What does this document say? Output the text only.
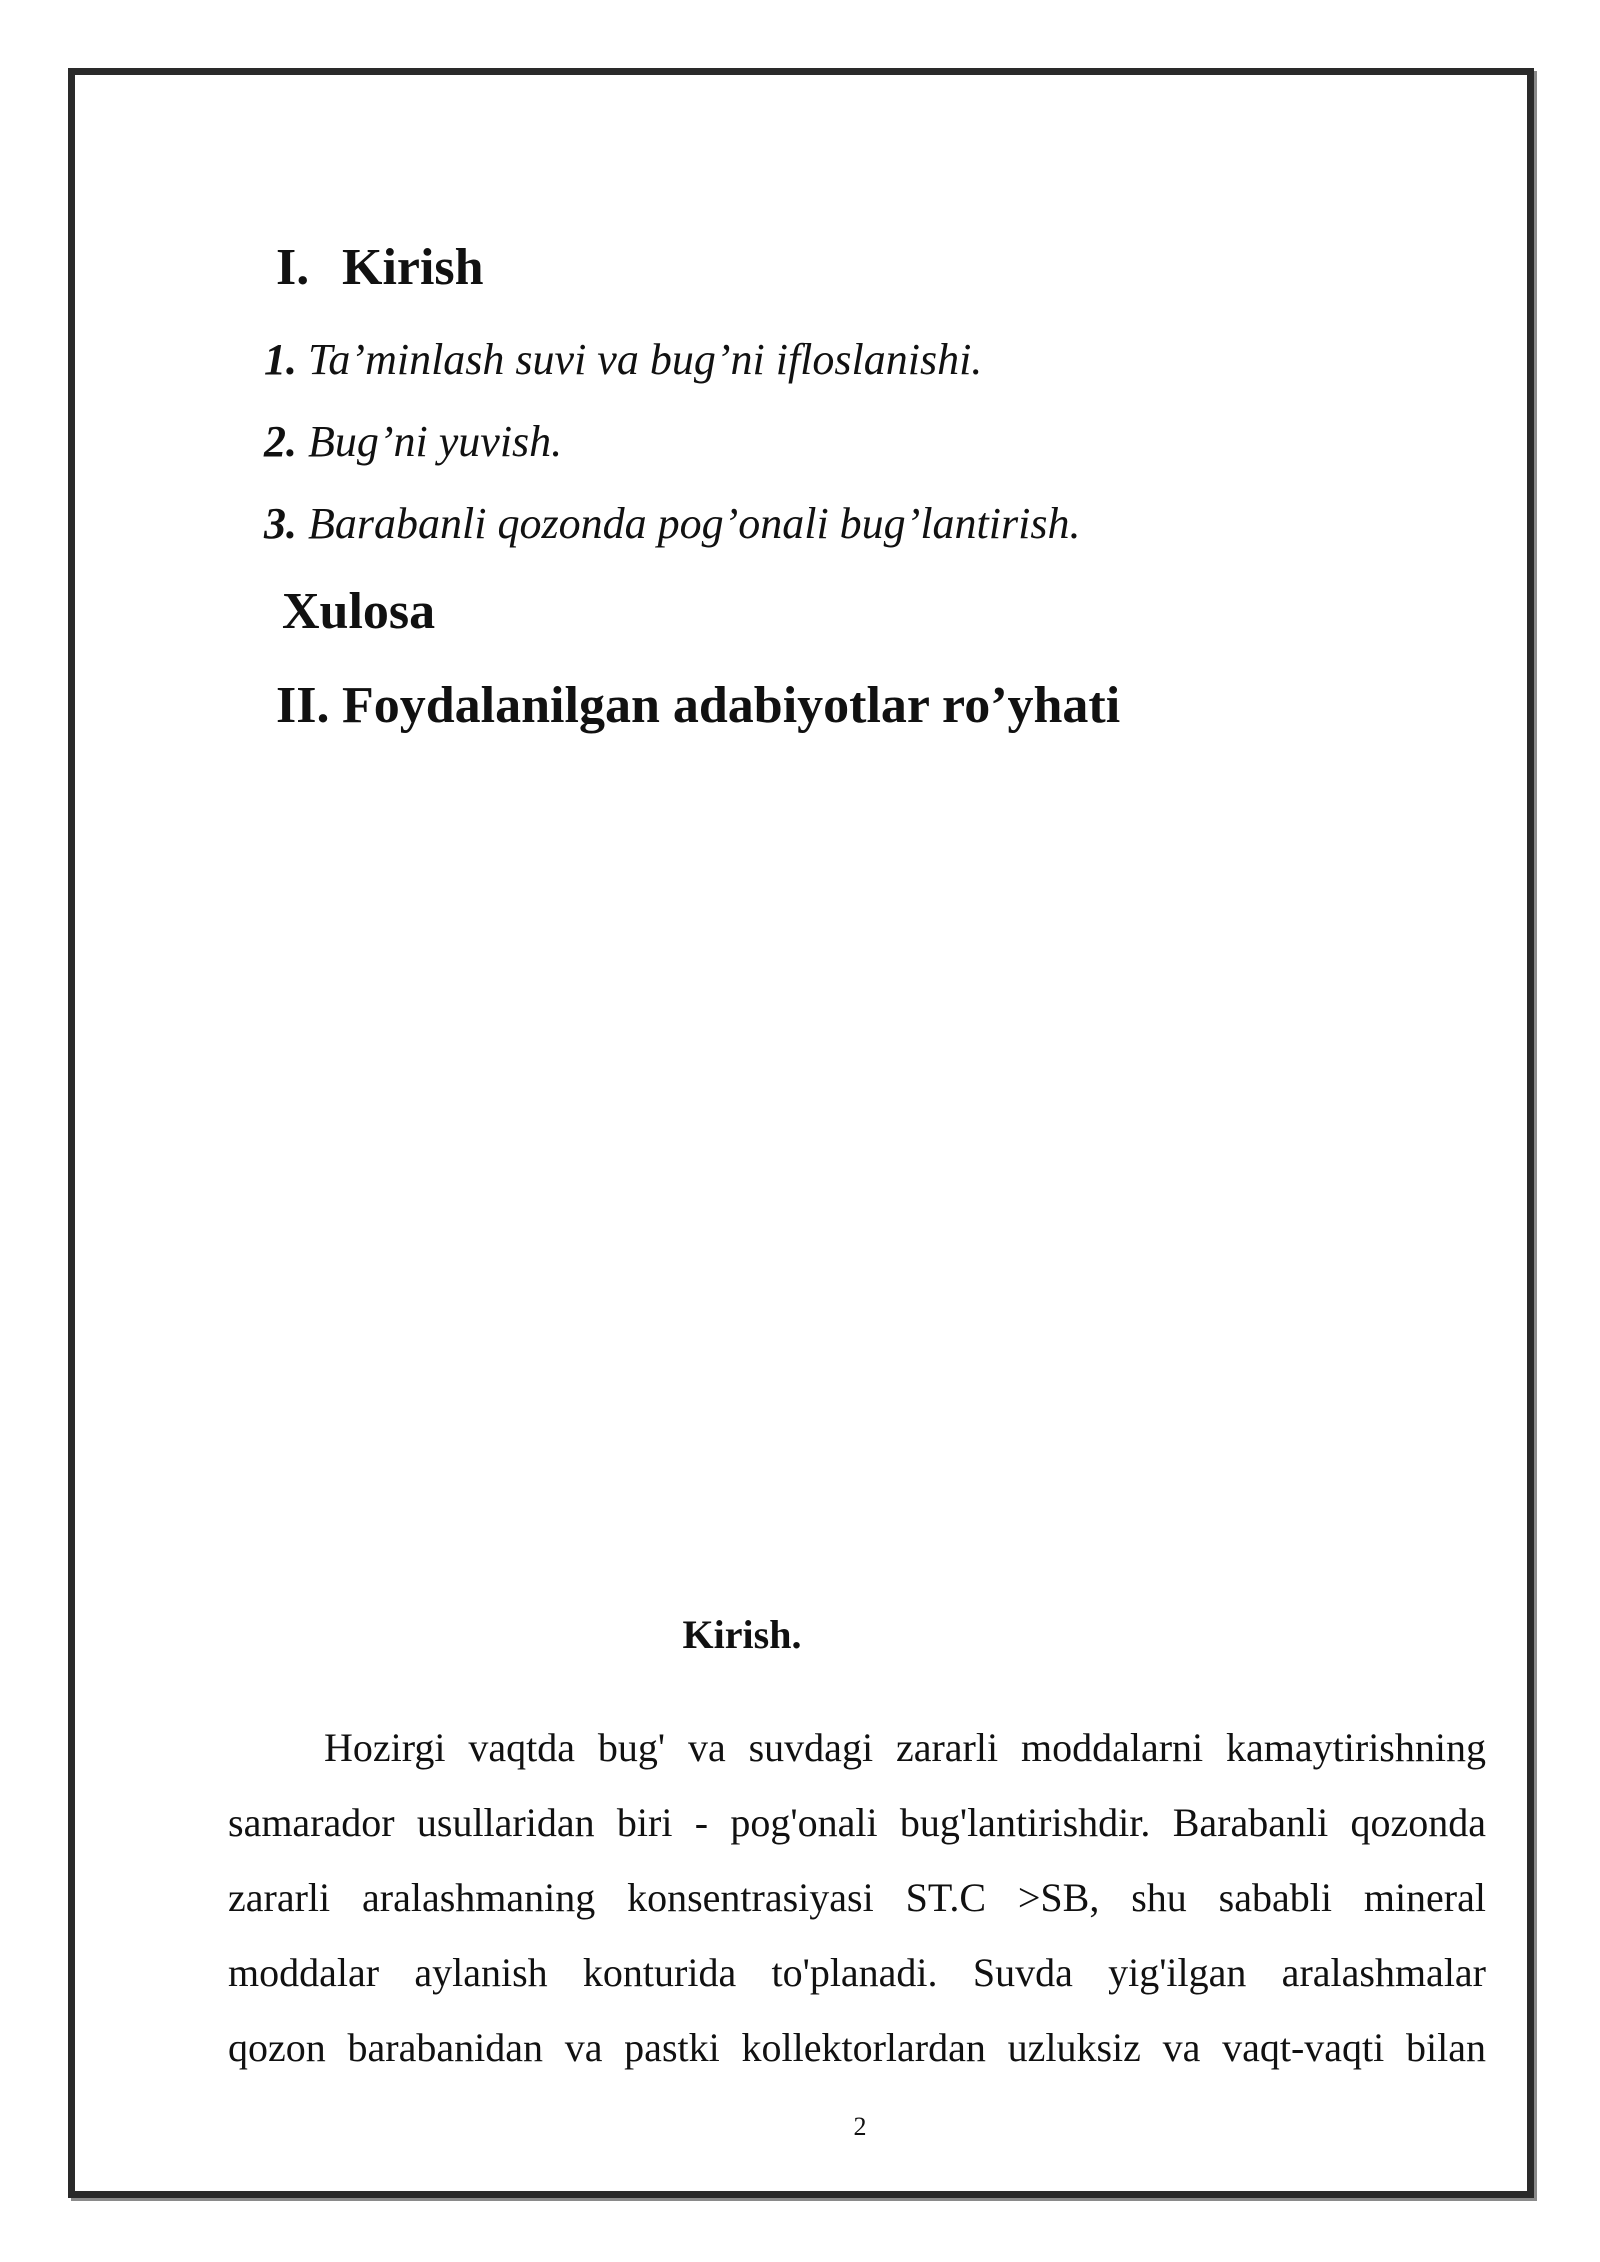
I. Kirish
1. Ta’minlash suvi va bug’ni ifloslanishi.
2. Bug’ni yuvish.
3. Barabanli qozonda pog’onali bug’lantirish.
Xulosa
II. Foydalanilgan adabiyotlar ro’yhati
Kirish.
Hozirgi vaqtda bug' va suvdagi zararli moddalarni kamaytirishning
samarador usullaridan biri - pog'onali bug'lantirishdir. Barabanli qozonda
zararli aralashmaning konsentrasiyasi ST.C >SB, shu sababli mineral
moddalar aylanish konturida to'planadi. Suvda yig'ilgan aralashmalar
qozon barabanidan va pastki kollektorlardan uzluksiz va vaqt-vaqti bilan
2
